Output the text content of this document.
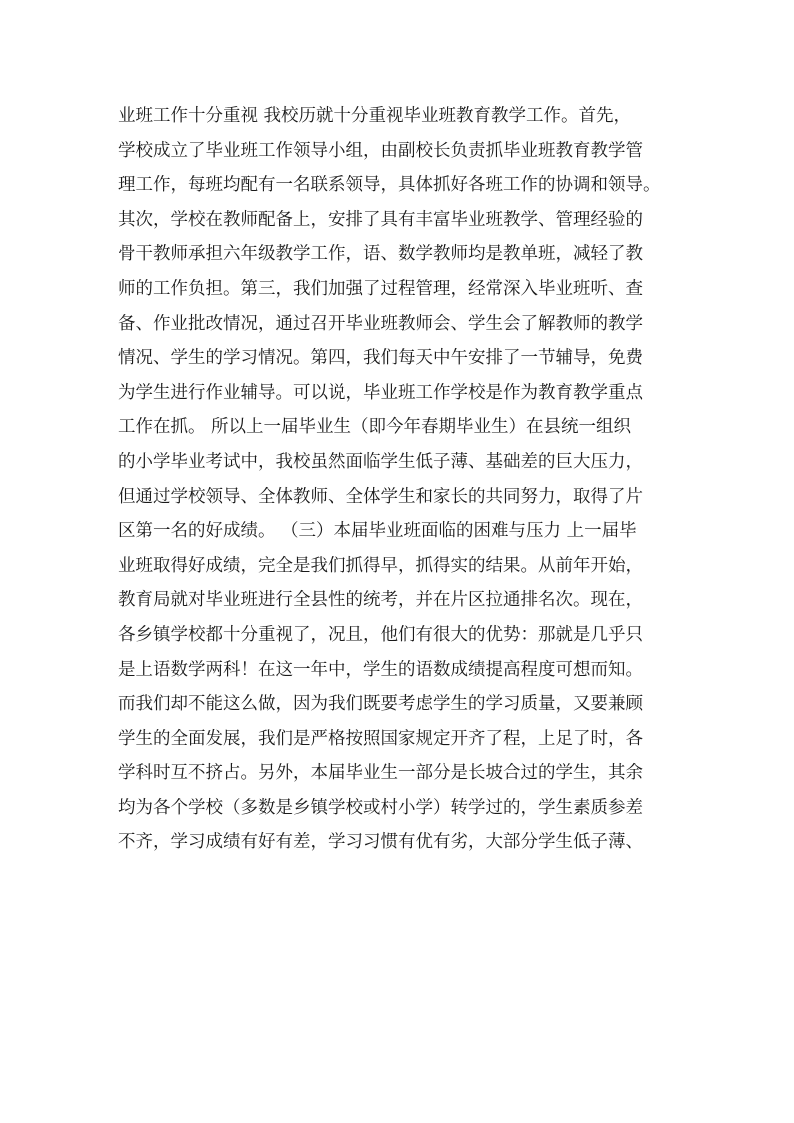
业班工作十分重视 我校历就十分重视毕业班教育教学工作。首先，
学校成立了毕业班工作领导小组，由副校长负责抓毕业班教育教学管
理工作，每班均配有一名联系领导，具体抓好各班工作的协调和领导。
其次，学校在教师配备上，安排了具有丰富毕业班教学、管理经验的
骨干教师承担六年级教学工作，语、数学教师均是教单班，减轻了教
师的工作负担。第三，我们加强了过程管理，经常深入毕业班听、查
备、作业批改情况，通过召开毕业班教师会、学生会了解教师的教学
情况、学生的学习情况。第四，我们每天中午安排了一节辅导，免费
为学生进行作业辅导。可以说，毕业班工作学校是作为教育教学重点
工作在抓。 所以上一届毕业生（即今年春期毕业生）在县统一组织
的小学毕业考试中，我校虽然面临学生低子薄、基础差的巨大压力，
但通过学校领导、全体教师、全体学生和家长的共同努力，取得了片
区第一名的好成绩。 （三）本届毕业班面临的困难与压力 上一届毕
业班取得好成绩，完全是我们抓得早，抓得实的结果。从前年开始，
教育局就对毕业班进行全县性的统考，并在片区拉通排名次。现在，
各乡镇学校都十分重视了，况且，他们有很大的优势：那就是几乎只
是上语数学两科！在这一年中，学生的语数成绩提高程度可想而知。
而我们却不能这么做，因为我们既要考虑学生的学习质量，又要兼顾
学生的全面发展，我们是严格按照国家规定开齐了程，上足了时，各
学科时互不挤占。另外，本届毕业生一部分是长坡合过的学生，其余
均为各个学校（多数是乡镇学校或村小学）转学过的，学生素质参差
不齐，学习成绩有好有差，学习习惯有优有劣，大部分学生低子薄、
